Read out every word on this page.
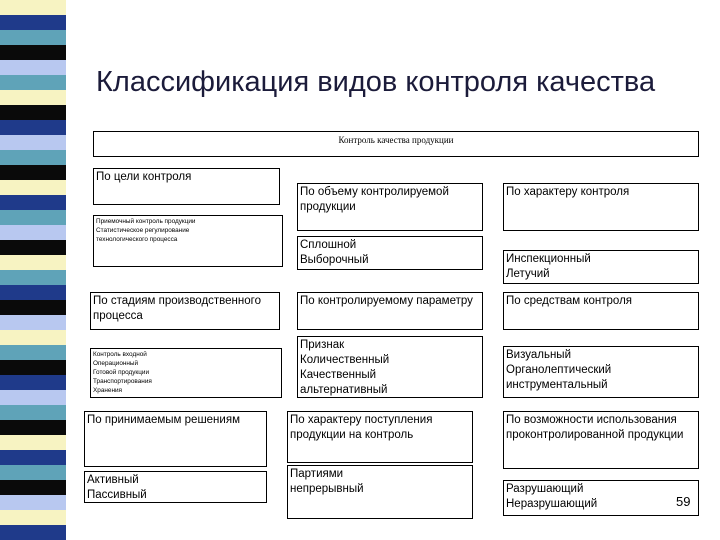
Классификация видов контроля качества
Контроль качества продукции
По цели контроля
Приемочный контроль продукции
Статистическое регулирование
технологического процесса
По стадиям производственного
процесса
Контроль входной
Операционный
Готовой продукции
Транспортирования
Хранения
По принимаемым решениям
Активный
Пассивный
По объему контролируемой
продукции
Сплошной
Выборочный
По контролируемому параметру
Признак
Количественный
Качественный
альтернативный
По характеру поступления
продукции на контроль
Партиями
непрерывный
По характеру контроля
Инспекционный
Летучий
По средствам контроля
Визуальный
Органолептический
инструментальный
По возможности использования
проконтролированной продукции
Разрушающий
Неразрушающий	59
